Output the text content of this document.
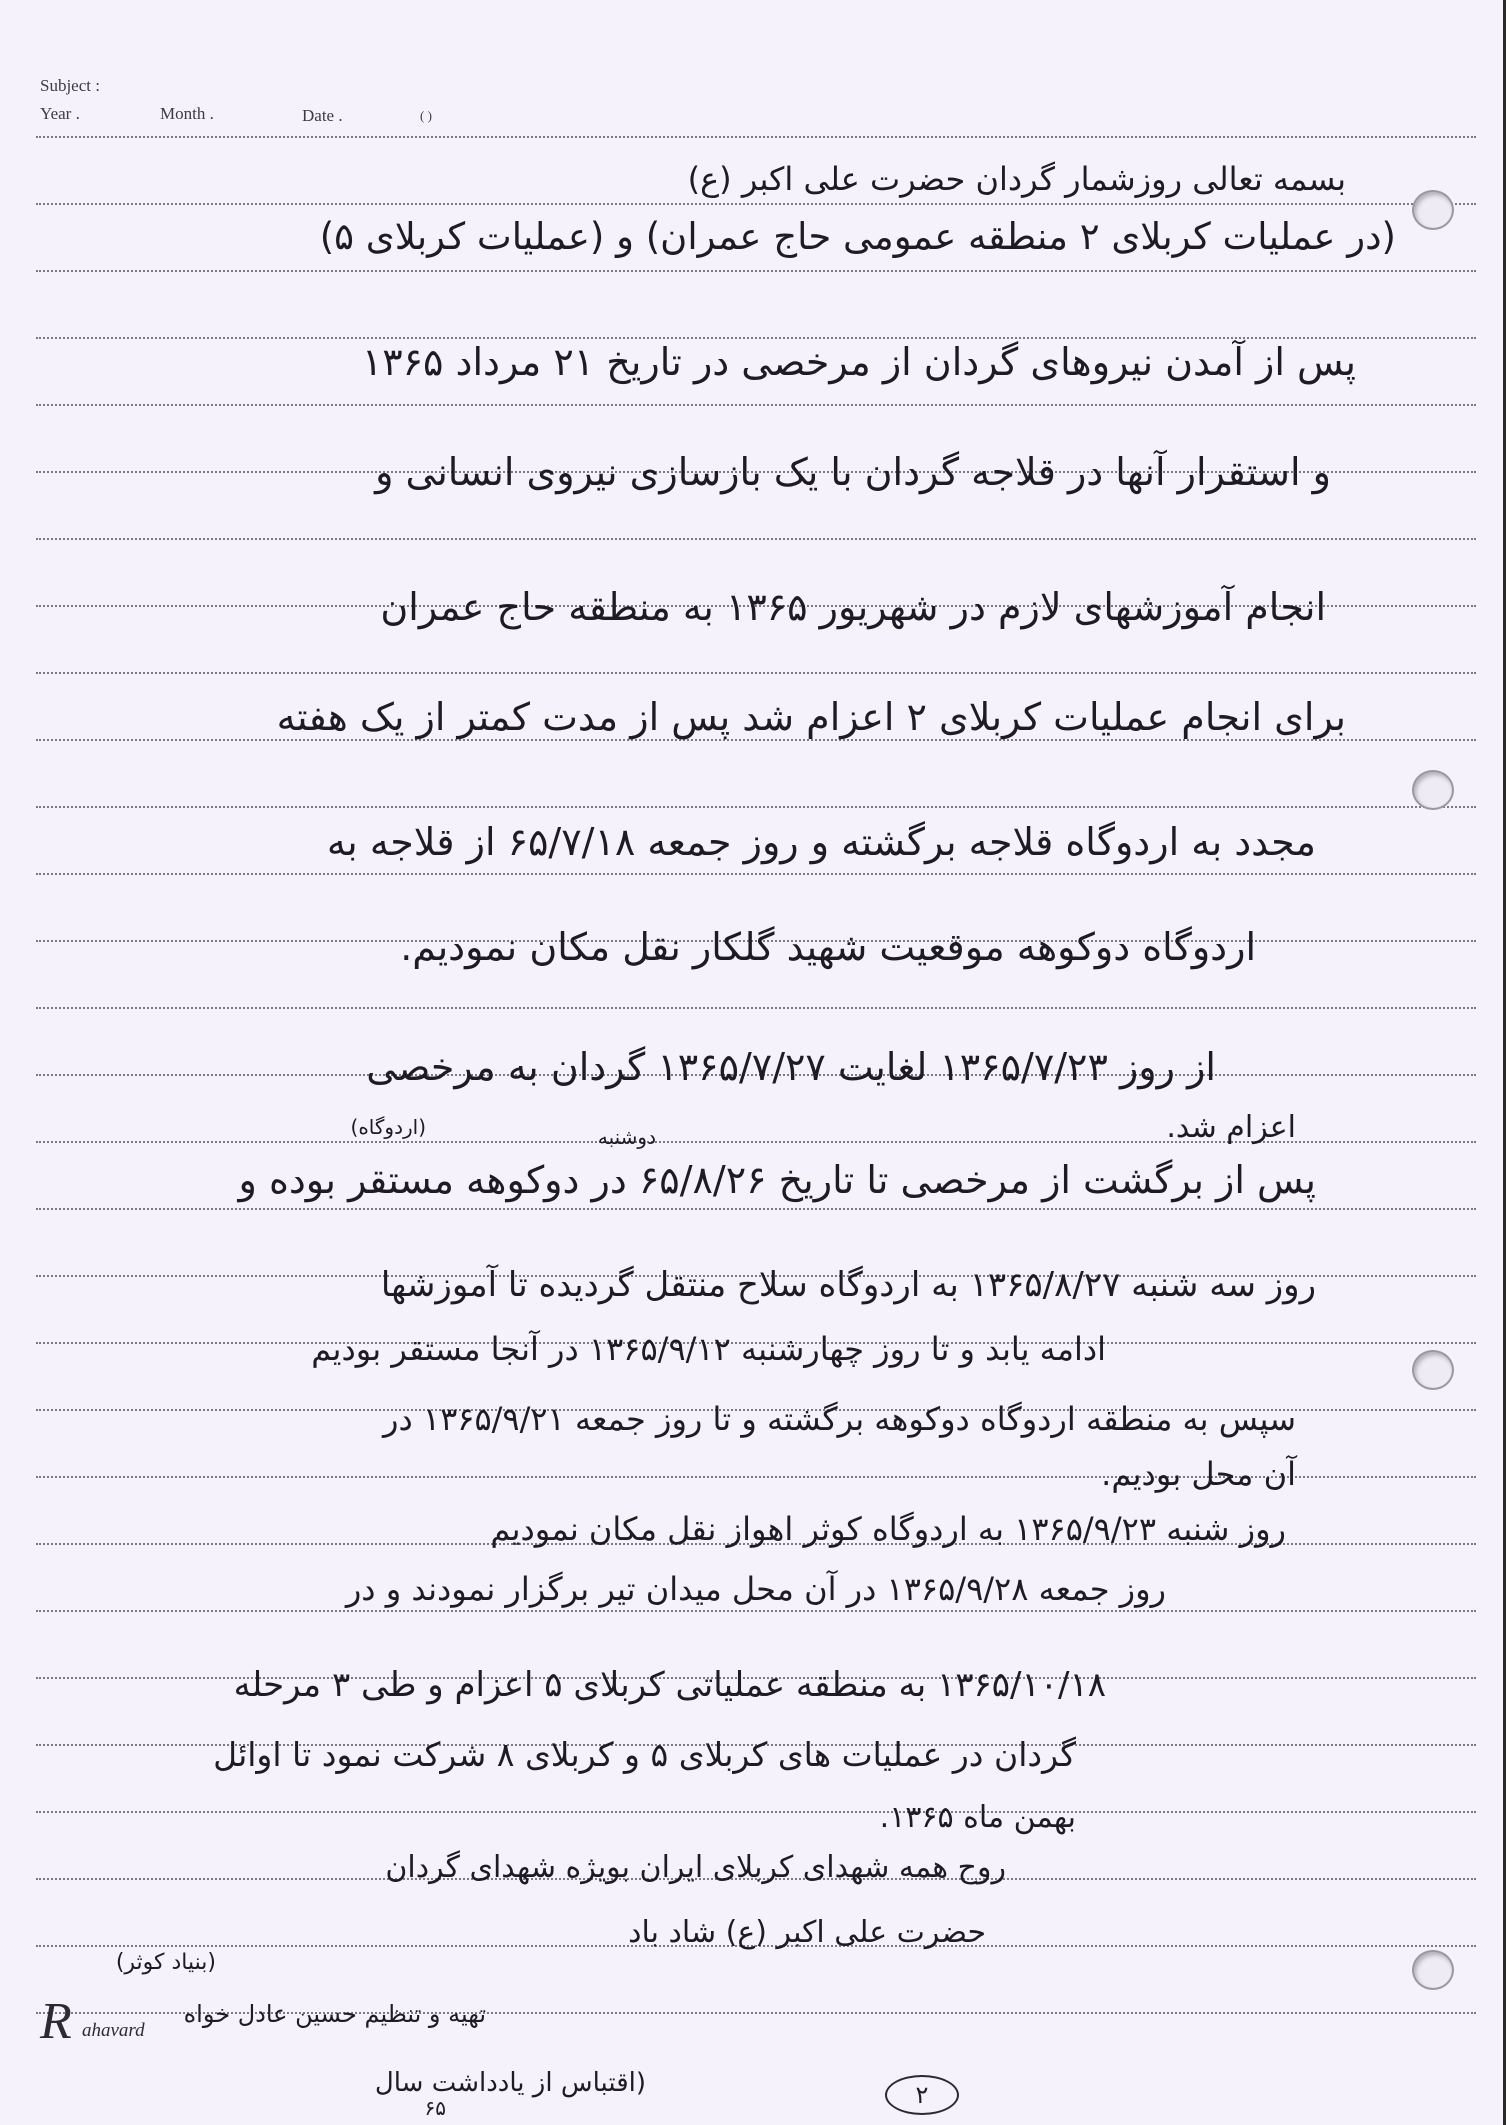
Subject :
Year .	Month .	Date .	( )
بسمه تعالی روزشمار گردان حضرت علی اکبر (ع)
(در عملیات کربلای ۲ منطقه عمومی حاج عمران) و (عملیات کربلای ۵)
پس از آمدن نیروهای گردان از مرخصی در تاریخ ۲۱ مرداد ۱۳۶۵
و استقرار آنها در قلاجه گردان با یک بازسازی نیروی انسانی و
انجام آموزشهای لازم در شهریور ۱۳۶۵ به منطقه حاج عمران
برای انجام عملیات کربلای ۲ اعزام شد پس از مدت کمتر از یک هفته
مجدد به اردوگاه قلاجه برگشته و روز جمعه ۶۵/۷/۱۸ از قلاجه به
اردوگاه دوکوهه موقعیت شهید گلکار نقل مکان نمودیم.
از روز ۱۳۶۵/۷/۲۳ لغایت ۱۳۶۵/۷/۲۷ گردان به مرخصی
اعزام شد.
دوشنبه
(اردوگاه)
پس از برگشت از مرخصی تا تاریخ ۶۵/۸/۲۶ در دوکوهه مستقر بوده و
روز سه شنبه ۱۳۶۵/۸/۲۷ به اردوگاه سلاح منتقل گردیده تا آموزشها
ادامه یابد و تا روز چهارشنبه ۱۳۶۵/۹/۱۲ در آنجا مستقر بودیم
سپس به منطقه اردوگاه دوکوهه برگشته و تا روز جمعه ۱۳۶۵/۹/۲۱ در
آن محل بودیم.
روز شنبه ۱۳۶۵/۹/۲۳ به اردوگاه کوثر اهواز نقل مکان نمودیم
روز جمعه ۱۳۶۵/۹/۲۸ در آن محل میدان تیر برگزار نمودند و در
۱۳۶۵/۱۰/۱۸ به منطقه عملیاتی کربلای ۵ اعزام و طی ۳ مرحله
گردان در عملیات های کربلای ۵ و کربلای ۸ شرکت نمود تا اوائل
بهمن ماه ۱۳۶۵.
روح همه شهدای کربلای ایران بویژه شهدای گردان
حضرت علی اکبر (ع) شاد باد
(بنیاد کوثر)
تهیه و تنظیم حسین عادل خواه
(اقتباس از یادداشت سال
۶۵
R ahavard
۲
